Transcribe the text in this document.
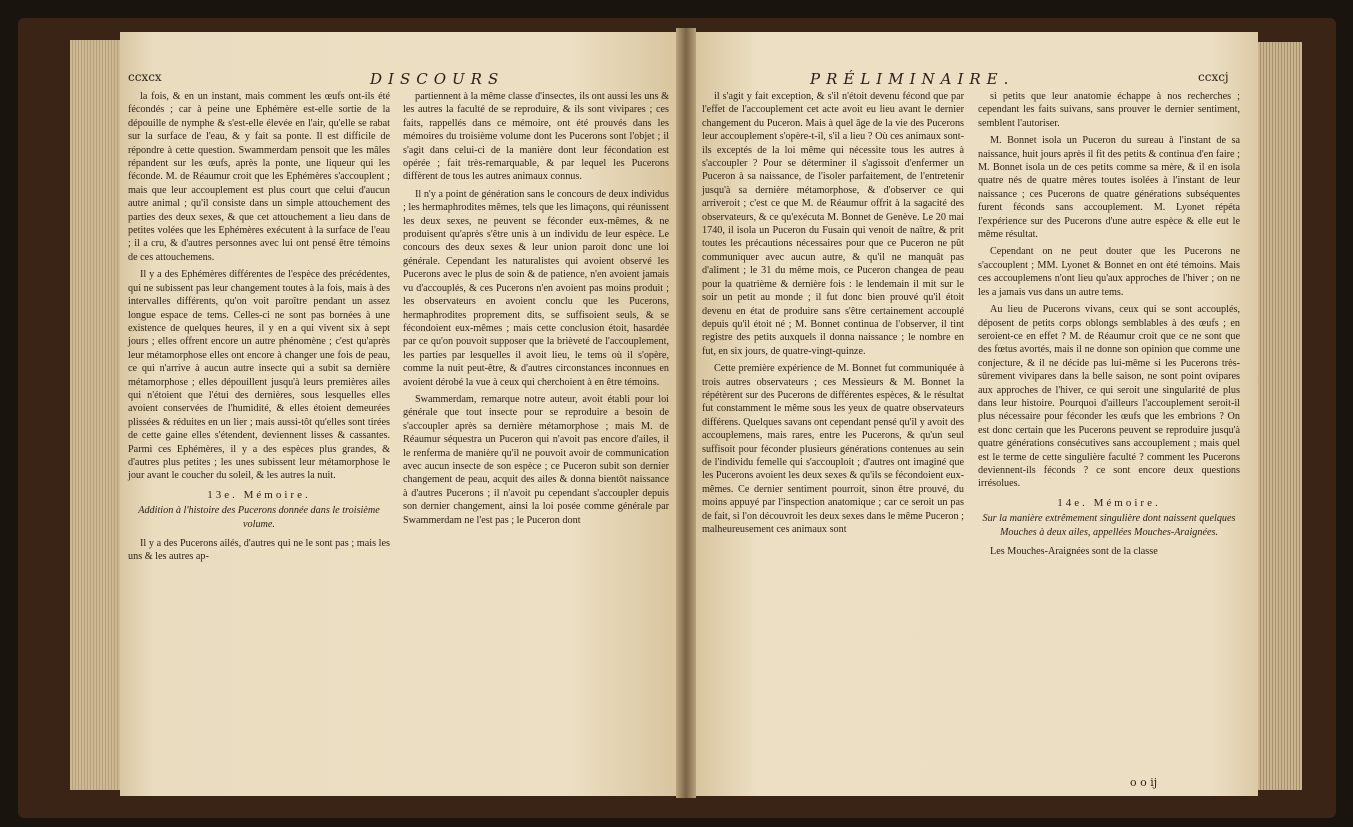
ccxcx	DISCOURS

la fois, & en un instant, mais comment les œufs ont-ils été fécondés ; car à peine une Ephémère est-elle sortie de la dépouille de nymphe & s'est-elle élevée en l'air, qu'elle se rabat sur la surface de l'eau, & y fait sa ponte. Il est difficile de répondre à cette question. Swammerdam pensoit que les mâles répandent sur les œufs, après la ponte, une liqueur qui les féconde. M. de Réaumur croit que les Ephémères s'accouplent ; mais que leur accouplement est plus court que celui d'aucun autre animal ; qu'il consiste dans un simple attouchement des parties des deux sexes, & que cet attouchement a lieu dans de petites volées que les Ephémères exécutent à la surface de l'eau ; il a cru, & d'autres personnes avec lui ont pensé être témoins de ces attouchemens.

Il y a des Ephémères différentes de l'espèce des précédentes, qui ne subissent pas leur changement toutes à la fois, mais à des intervalles différents, qu'on voit paroître pendant un assez longue espace de tems. Celles-ci ne sont pas bornées à une existence de quelques heures, il y en a qui vivent six à sept jours ; elles offrent encore un autre phénomène ; c'est qu'après leur métamorphose elles ont encore à changer une fois de peau, ce qui n'arrive à aucun autre insecte qui a subit sa dernière métamorphose ; elles dépouillent jusqu'à leurs premières ailes qui n'étoient que l'étui des dernières, sous lesquelles elles avoient conservées de l'humidité, & elles étoient demeurées plissées & réduites en un lier ; mais aussi-tôt qu'elles sont tirées de cette gaine elles s'étendent, deviennent lisses & cassantes. Parmi ces Ephémères, il y a des espèces plus grandes, & d'autres plus petites ; les unes subissent leur métamorphose le jour avant le coucher du soleil, & les autres la nuit.

13e. Mémoire.
Addition à l'histoire des Pucerons donnée dans le troisième volume.

Il y a des Pucerons ailés, d'autres qui ne le sont pas ; mais les uns & les autres ap-

partiennent à la même classe d'insectes, ils ont aussi les uns & les autres la faculté de se reproduire, & ils sont vivipares ; ces faits, rappellés dans ce mémoire, ont été prouvés dans les mémoires du troisième volume dont les Pucerons sont l'objet ; il s'agit dans celui-ci de la manière dont leur fécondation est opérée ; fait très-remarquable, & par lequel les Pucerons diffèrent de tous les autres animaux connus.

Il n'y a point de génération sans le concours de deux individus ; les hermaphrodites mêmes, tels que les limaçons, qui réunissent les deux sexes, ne peuvent se féconder eux-mêmes, & ne produisent qu'après s'être unis à un individu de leur espèce. Le concours des deux sexes & leur union paroit donc une loi générale. Cependant les naturalistes qui avoient observé les Pucerons avec le plus de soin & de patience, n'en avoient jamais vu d'accouplés, & ces Pucerons n'en avoient pas moins produit ; les observateurs en avoient conclu que les Pucerons, hermaphrodites proprement dits, se suffisoient seuls, & se fécondoient eux-mêmes ; mais cette conclusion étoit, hasardée par ce qu'on pouvoit supposer que la brièveté de l'accouplement, les parties par lesquelles il avoit lieu, le tems où il s'opère, comme la nuit peut-être, & d'autres circonstances inconnues en avoient dérobé la vue à ceux qui cherchoient à en être témoins.

Swammerdam, remarque notre auteur, avoit établi pour loi générale que tout insecte pour se reproduire a besoin de s'accoupler après sa dernière métamorphose ; mais M. de Réaumur séquestra un Puceron qui n'avoit pas encore d'ailes, il le renferma de manière qu'il ne pouvoit avoir de communication avec aucun insecte de son espèce ; ce Puceron subit son dernier changement de peau, acquit des ailes & donna bientôt naissance à d'autres Pucerons ; il n'avoit pu cependant s'accoupler depuis son dernier changement, ainsi la loi posée comme générale par Swammerdam ne l'est pas ; le Puceron dont

PRÉLIMINAIRE.	ccxcj

il s'agit y fait exception, & s'il n'étoit devenu fécond que par l'effet de l'accouplement cet acte avoit eu lieu avant le dernier changement du Puceron. Mais à quel âge de la vie des Pucerons leur accouplement s'opère-t-il, s'il a lieu ? Où ces animaux sont-ils exceptés de la loi même qui nécessite tous les autres à s'accoupler ? Pour se déterminer il s'agissoit d'enfermer un Puceron à sa naissance, de l'isoler parfaitement, de l'entretenir jusqu'à sa dernière métamorphose, & d'observer ce qui arriveroit ; c'est ce que M. de Réaumur offrit à la sagacité des observateurs, & ce qu'exécuta M. Bonnet de Genève. Le 20 mai 1740, il isola un Puceron du Fusain qui venoit de naître, & prit toutes les précautions nécessaires pour que ce Puceron ne pût communiquer avec aucun autre, & qu'il ne manquât pas d'aliment ; le 31 du même mois, ce Puceron changea de peau pour la quatrième & dernière fois : le lendemain il mit sur le soir un petit au monde ; il fut donc bien prouvé qu'il étoit devenu en état de produire sans s'être certainement accouplé depuis qu'il étoit né ; M. Bonnet continua de l'observer, il tint registre des petits auxquels il donna naissance ; le nombre en fut, en six jours, de quatre-vingt-quinze.

Cette première expérience de M. Bonnet fut communiquée à trois autres observateurs ; ces Messieurs & M. Bonnet la répétèrent sur des Pucerons de différentes espèces, & le résultat fut constamment le même sous les yeux de quatre observateurs différens. Quelques savans ont cependant pensé qu'il y avoit des accouplemens, mais rares, entre les Pucerons, & qu'un seul suffisoit pour féconder plusieurs générations contenues au sein de l'individu femelle qui s'accouploit ; d'autres ont imaginé que les Pucerons avoient les deux sexes & qu'ils se fécondoient eux-mêmes. Ce dernier sentiment pourroit, sinon être prouvé, du moins appuyé par l'inspection anatomique ; car ce seroit un pas de fait, si l'on découvroit les deux sexes dans le même Puceron ; malheureusement ces animaux sont

si petits que leur anatomie échappe à nos recherches ; cependant les faits suivans, sans prouver le dernier sentiment, semblent l'autoriser.

M. Bonnet isola un Puceron du sureau à l'instant de sa naissance, huit jours après il fit des petits & continua d'en faire ; M. Bonnet isola un de ces petits comme sa mère, & il en isola quatre nés de quatre mères toutes isolées à l'instant de leur naissance ; ces Pucerons de quatre générations subséquentes furent féconds sans accouplement. M. Lyonet répéta l'expérience sur des Pucerons d'une autre espèce & elle eut le même résultat.

Cependant on ne peut douter que les Pucerons ne s'accouplent ; MM. Lyonet & Bonnet en ont été témoins. Mais ces accouplemens n'ont lieu qu'aux approches de l'hiver ; on ne les a jamais vus dans un autre tems.

Au lieu de Pucerons vivans, ceux qui se sont accouplés, déposent de petits corps oblongs semblables à des œufs ; en seroient-ce en effet ? M. de Réaumur croit que ce ne sont que des fœtus avortés, mais il ne donne son opinion que comme une conjecture, & il ne décide pas lui-même si les Pucerons très-sûrement vivipares dans la belle saison, ne sont point ovipares aux approches de l'hiver, ce qui seroit une singularité de plus dans leur histoire. Pourquoi d'ailleurs l'accouplement seroit-il plus nécessaire pour féconder les œufs que les embrions ? On est donc certain que les Pucerons peuvent se reproduire jusqu'à quatre générations consécutives sans accouplement ; mais quel est le terme de cette singulière faculté ? comment les Pucerons deviennent-ils féconds ? ce sont encore deux questions irrésolues.

14e. Mémoire.
Sur la manière extrêmement singulière dont naissent quelques Mouches à deux ailes, appellées Mouches-Araignées.

Les Mouches-Araignées sont de la classe

o o ij
